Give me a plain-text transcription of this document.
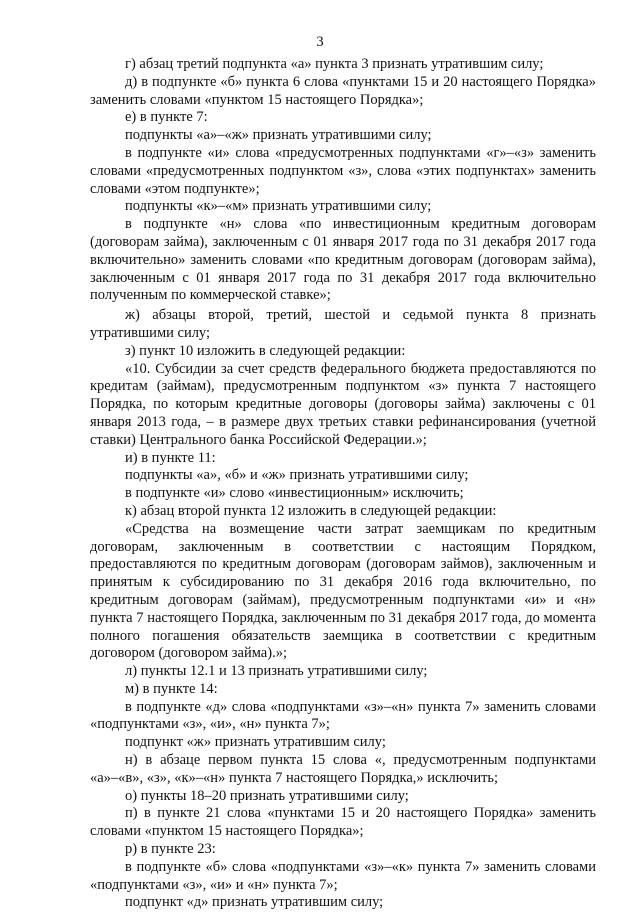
3

г) абзац третий подпункта «а» пункта 3 признать утратившим силу;

д) в подпункте «б» пункта 6 слова «пунктами 15 и 20 настоящего Порядка» заменить словами «пунктом 15 настоящего Порядка»;

е) в пункте 7:

подпункты «а»–«ж» признать утратившими силу;

в подпункте «и» слова «предусмотренных подпунктами «г»–«з» заменить словами «предусмотренных подпунктом «з», слова «этих подпунктах» заменить словами «этом подпункте»;

подпункты «к»–«м» признать утратившими силу;

в подпункте «н» слова «по инвестиционным кредитным договорам (договорам займа), заключенным с 01 января 2017 года по 31 декабря 2017 года включительно» заменить словами «по кредитным договорам (договорам займа), заключенным с 01 января 2017 года по 31 декабря 2017 года включительно полученным по коммерческой ставке»;

ж) абзацы второй, третий, шестой и седьмой пункта 8 признать утратившими силу;

з) пункт 10 изложить в следующей редакции:

«10. Субсидии за счет средств федерального бюджета предоставляются по кредитам (займам), предусмотренным подпунктом «з» пункта 7 настоящего Порядка, по которым кредитные договоры (договоры займа) заключены с 01 января 2013 года, – в размере двух третьих ставки рефинансирования (учетной ставки) Центрального банка Российской Федерации.»;

и) в пункте 11:

подпункты «а», «б» и «ж» признать утратившими силу;

в подпункте «и» слово «инвестиционным» исключить;

к) абзац второй пункта 12 изложить в следующей редакции:

«Средства на возмещение части затрат заемщикам по кредитным договорам, заключенным в соответствии с настоящим Порядком, предоставляются по кредитным договорам (договорам займов), заключенным и принятым к субсидированию по 31 декабря 2016 года включительно, по кредитным договорам (займам), предусмотренным подпунктами «и» и «н» пункта 7 настоящего Порядка, заключенным по 31 декабря 2017 года, до момента полного погашения обязательств заемщика в соответствии с кредитным договором (договором займа).»;

л) пункты 12.1 и 13 признать утратившими силу;

м) в пункте 14:

в подпункте «д» слова «подпунктами «з»–«н» пункта 7» заменить словами «подпунктами «з», «и», «н» пункта 7»;

подпункт «ж» признать утратившим силу;

н) в абзаце первом пункта 15 слова «, предусмотренным подпунктами «а»–«в», «з», «к»–«н» пункта 7 настоящего Порядка,» исключить;

о) пункты 18–20 признать утратившими силу;

п) в пункте 21 слова «пунктами 15 и 20 настоящего Порядка» заменить словами «пунктом 15 настоящего Порядка»;

р) в пункте 23:

в подпункте «б» слова «подпунктами «з»–«к» пункта 7» заменить словами «подпунктами «з», «и» и «н» пункта 7»;

подпункт «д» признать утратившим силу;
